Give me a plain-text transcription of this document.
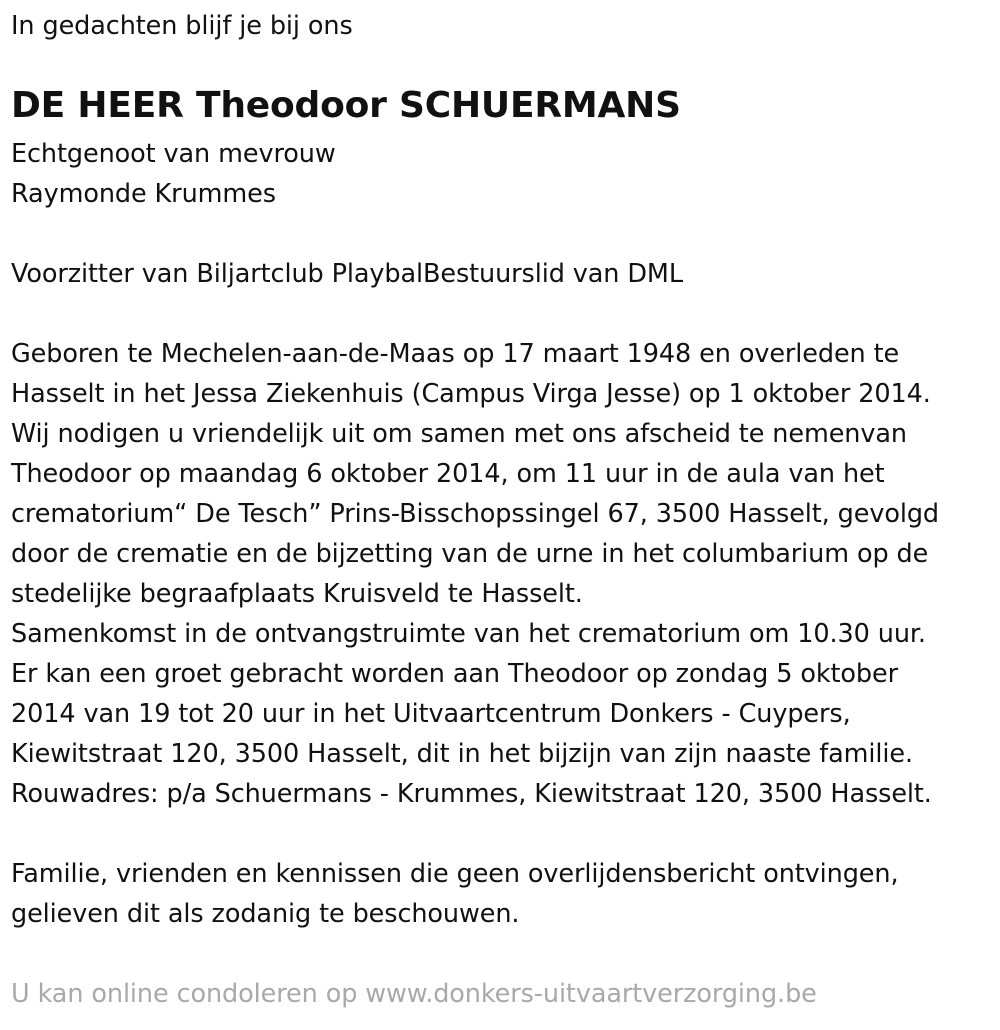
In gedachten blijf je bij ons
DE HEER Theodoor SCHUERMANS
Echtgenoot van mevrouw
Raymonde Krummes
Voorzitter van Biljartclub PlaybalBestuurslid van DML
Geboren te Mechelen-aan-de-Maas op 17 maart 1948 en overleden te
Hasselt in het Jessa Ziekenhuis (Campus Virga Jesse) op 1 oktober 2014.
Wij nodigen u vriendelijk uit om samen met ons afscheid te nemenvan
Theodoor op maandag 6 oktober 2014, om 11 uur in de aula van het
crematorium“ De Tesch” Prins-Bisschopssingel 67, 3500 Hasselt, gevolgd
door de crematie en de bijzetting van de urne in het columbarium op de
stedelijke begraafplaats Kruisveld te Hasselt.
Samenkomst in de ontvangstruimte van het crematorium om 10.30 uur.
Er kan een groet gebracht worden aan Theodoor op zondag 5 oktober
2014 van 19 tot 20 uur in het Uitvaartcentrum Donkers - Cuypers,
Kiewitstraat 120, 3500 Hasselt, dit in het bijzijn van zijn naaste familie.
Rouwadres: p/a Schuermans - Krummes, Kiewitstraat 120, 3500 Hasselt.
Familie, vrienden en kennissen die geen overlijdensbericht ontvingen,
gelieven dit als zodanig te beschouwen.
U kan online condoleren op www.donkers-uitvaartverzorging.be
